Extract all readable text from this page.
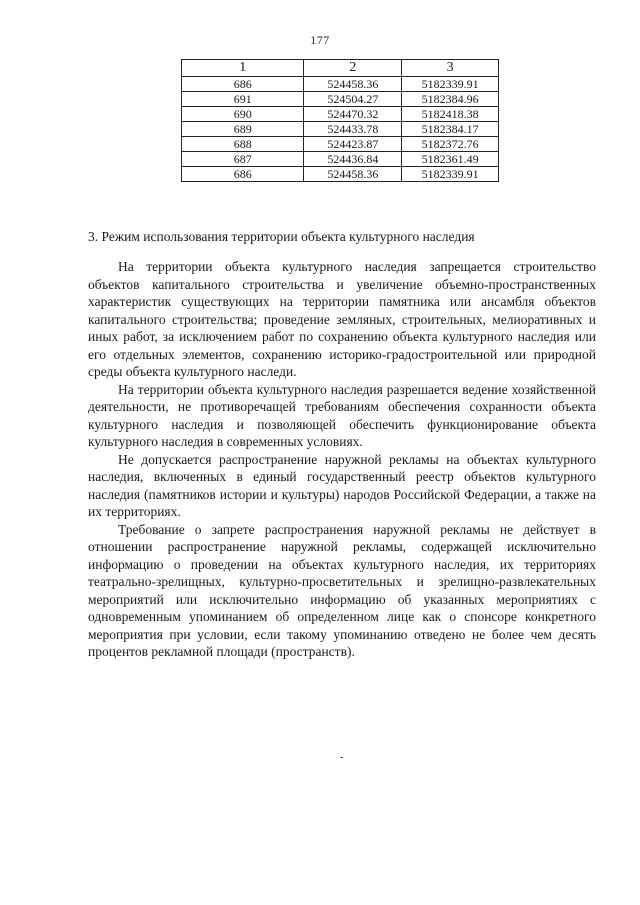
177
1	2	3
686	524458.36	5182339.91
691	524504.27	5182384.96
690	524470.32	5182418.38
689	524433.78	5182384.17
688	524423.87	5182372.76
687	524436.84	5182361.49
686	524458.36	5182339.91
3. Режим использования территории объекта культурного наследия

На территории объекта культурного наследия запрещается строительство объектов капитального строительства и увеличение объемно-пространственных характеристик существующих на территории памятника или ансамбля объектов капитального строительства; проведение земляных, строительных, мелиоративных и иных работ, за исключением работ по сохранению объекта культурного наследия или его отдельных элементов, сохранению историко-градостроительной или природной среды объекта культурного наследи.

На территории объекта культурного наследия разрешается ведение хозяйственной деятельности, не противоречащей требованиям обеспечения сохранности объекта культурного наследия и позволяющей обеспечить функционирование объекта культурного наследия в современных условиях.

Не допускается распространение наружной рекламы на объектах культурного наследия, включенных в единый государственный реестр объектов культурного наследия (памятников истории и культуры) народов Российской Федерации, а также на их территориях.

Требование о запрете распространения наружной рекламы не действует в отношении распространение наружной рекламы, содержащей исключительно информацию о проведении на объектах культурного наследия, их территориях театрально-зрелищных, культурно-просветительных и зрелищно-развлекательных мероприятий или исключительно информацию об указанных мероприятиях с одновременным упоминанием об определенном лице как о спонсоре конкретного мероприятия при условии, если такому упоминанию отведено не более чем десять процентов рекламной площади (пространств).

-
